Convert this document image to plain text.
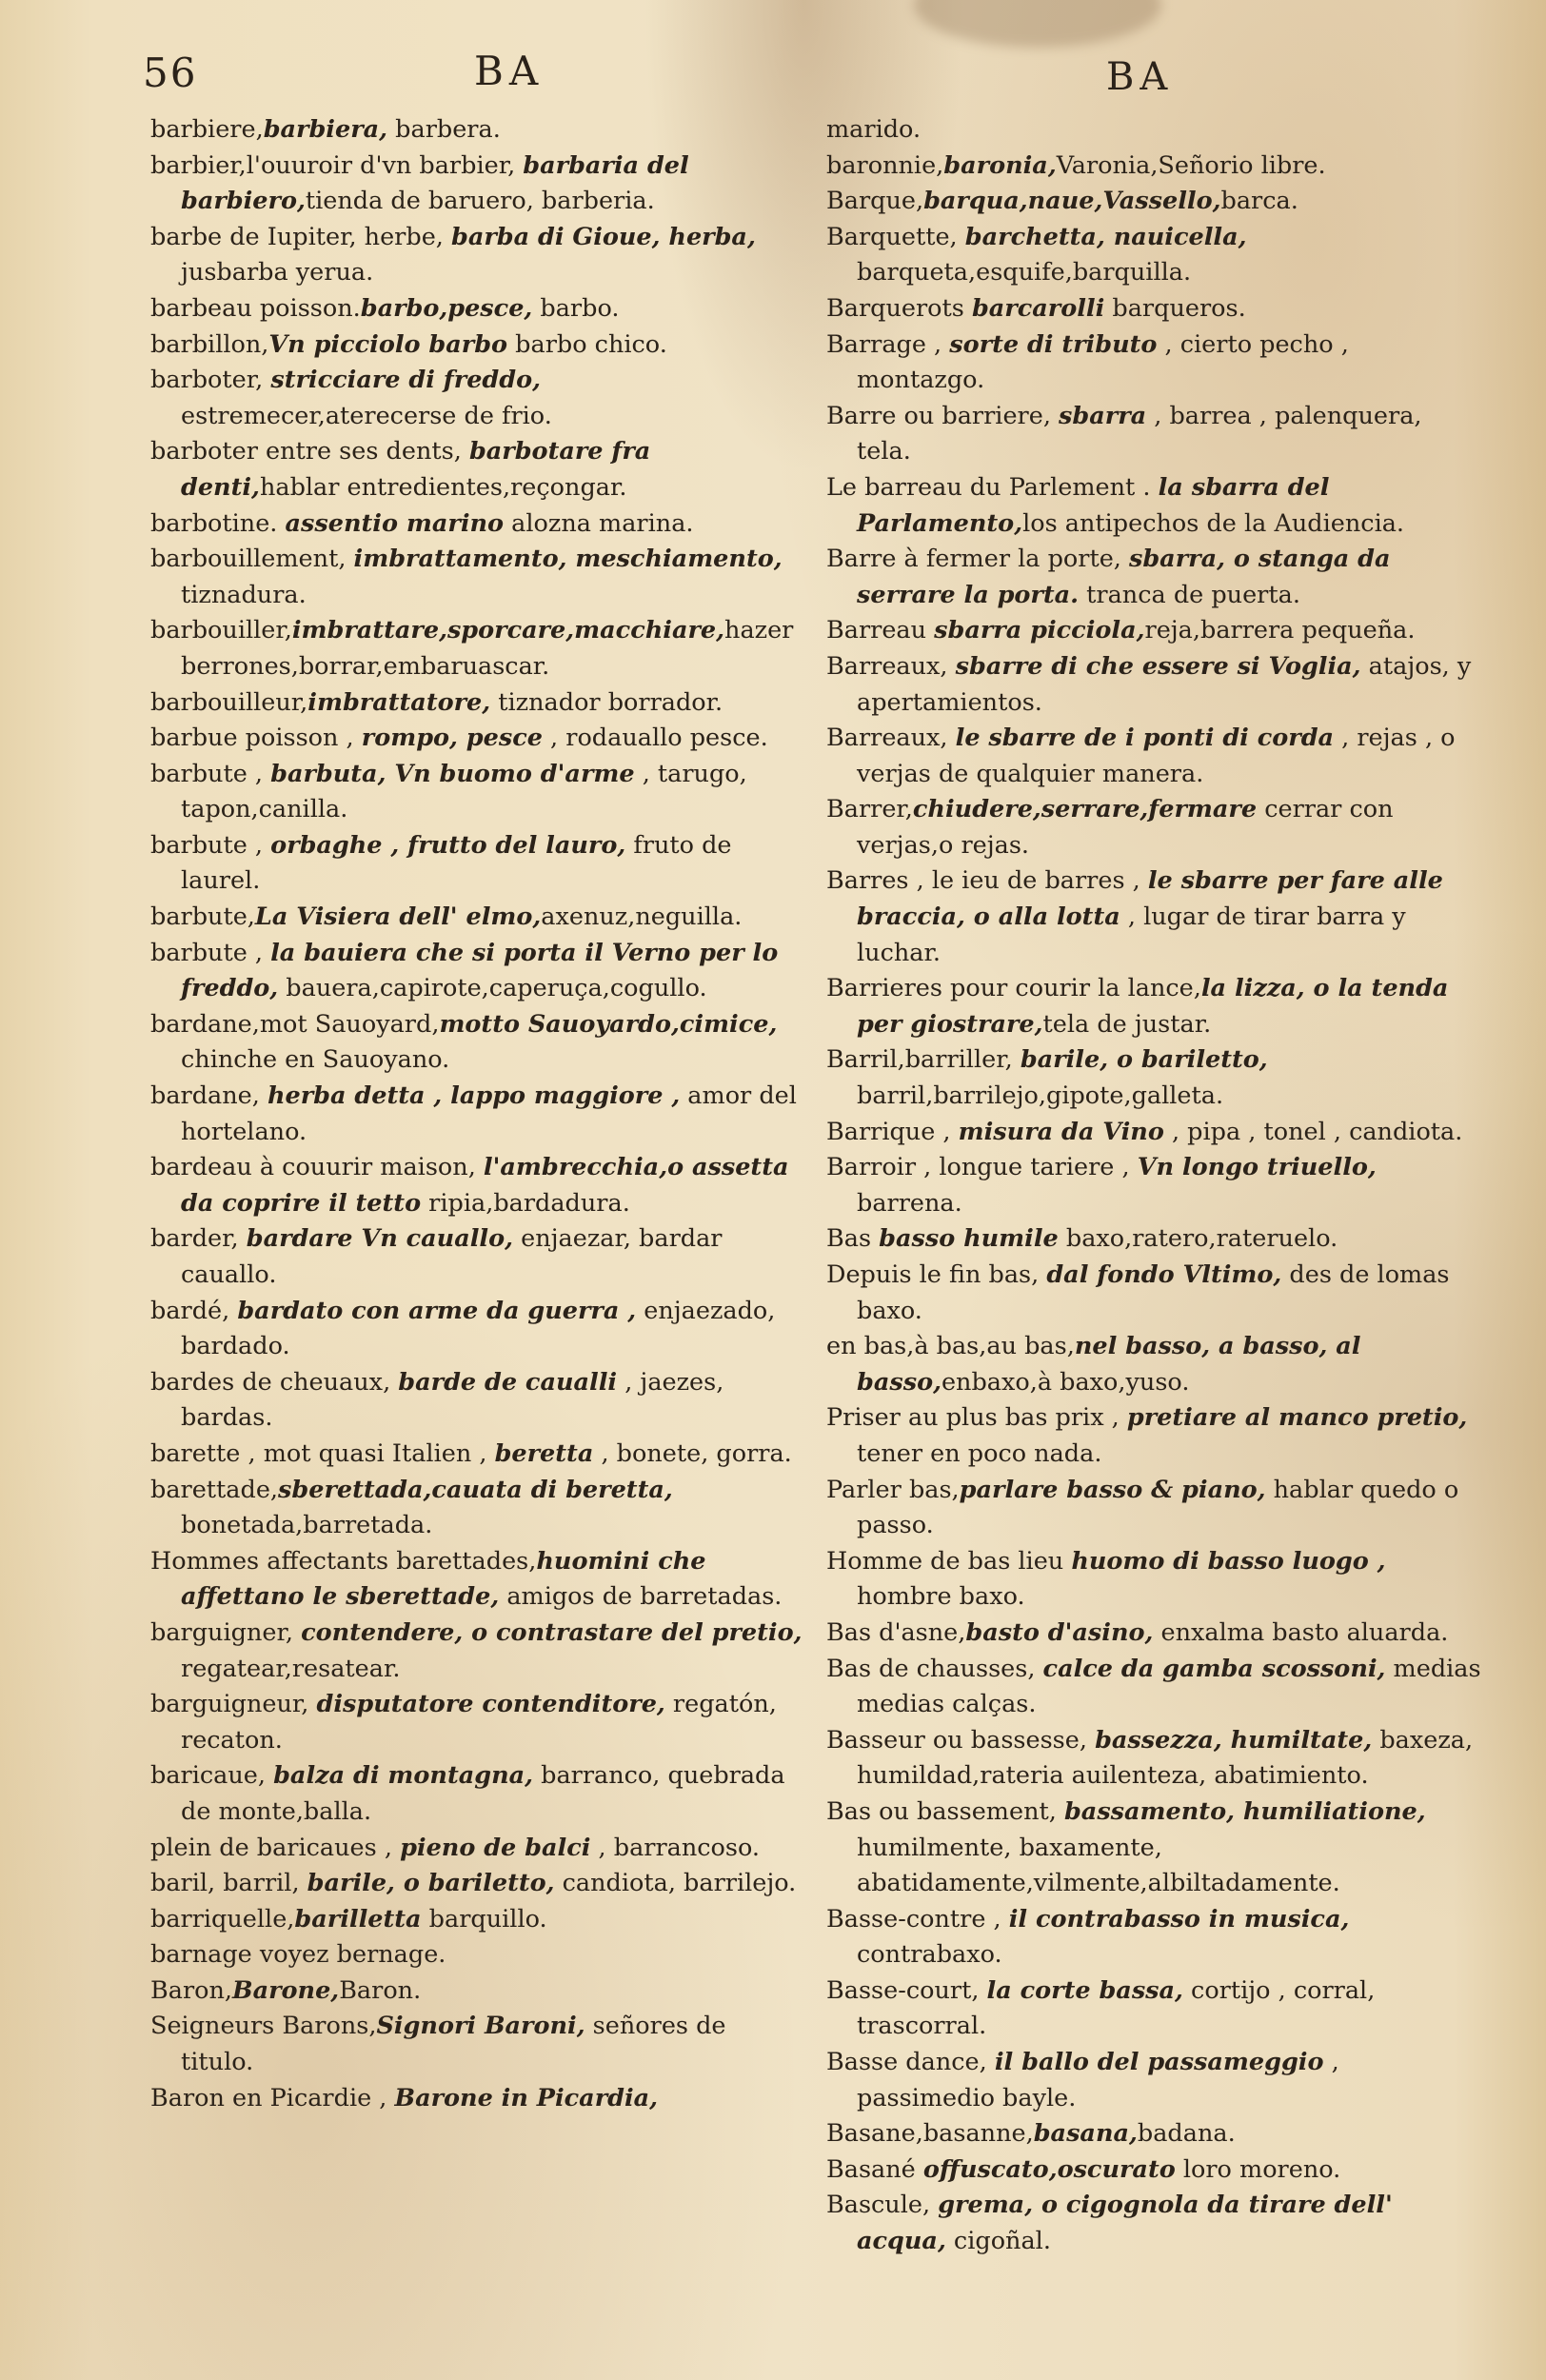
56	BA	BA
barbiere,barbiera, barbera.
barbier,l'ouuroir d'vn barbier, barbaria del barbiero,tienda de baruero, barberia.
barbe de Iupiter, herbe, barba di Gioue, herba, jusbarba yerua.
barbeau poisson.barbo,pesce, barbo.
barbillon,Vn picciolo barbo barbo chico.
barboter, stricciare di freddo, estremecer,aterecerse de frio.
barboter entre ses dents, barbotare fra denti,hablar entredientes,reçongar.
barbotine. assentio marino alozna marina.
barbouillement, imbrattamento, meschiamento, tiznadura.
barbouiller,imbrattare,sporcare,macchiare,hazer berrones,borrar,embaruascar.
barbouilleur,imbrattatore, tiznador borrador.
barbue poisson , rompo, pesce , rodauallo pesce.
barbute , barbuta, Vn buomo d'arme , tarugo, tapon,canilla.
barbute , orbaghe , frutto del lauro, fruto de laurel.
barbute,La Visiera dell' elmo,axenuz,neguilla.
barbute , la bauiera che si porta il Verno per lo freddo, bauera,capirote,caperuça,cogullo.
bardane,mot Sauoyard,motto Sauoyardo,cimice, chinche en Sauoyano.
bardane, herba detta , lappo maggiore , amor del hortelano.
bardeau à couurir maison, l'ambrecchia,o assetta da coprire il tetto ripia,bardadura.
barder, bardare Vn cauallo, enjaezar, bardar cauallo.
bardé, bardato con arme da guerra , enjaezado, bardado.
bardes de cheuaux, barde de caualli , jaezes, bardas.
barette , mot quasi Italien , beretta , bonete, gorra.
barettade,sberettada,cauata di beretta, bonetada,barretada.
Hommes affectants barettades,huomini che affettano le sberettade, amigos de barretadas.
barguigner, contendere, o contrastare del pretio, regatear,resatear.
barguigneur, disputatore contenditore, regatón, recaton.
baricaue, balza di montagna, barranco, quebrada de monte,balla.
plein de baricaues , pieno de balci , barrancoso.
baril, barril, barile, o bariletto, candiota, barrilejo.
barriquelle,barilletta barquillo.
barnage voyez bernage.
Baron,Barone,Baron.
Seigneurs Barons,Signori Baroni, señores de titulo.
Baron en Picardie , Barone in Picardia,
marido.
baronnie,baronia,Varonia,Señorio libre.
Barque,barqua,naue,Vassello,barca.
Barquette, barchetta, nauicella, barqueta,esquife,barquilla.
Barquerots barcarolli barqueros.
Barrage , sorte di tributo , cierto pecho , montazgo.
Barre ou barriere, sbarra , barrea , palenquera, tela.
Le barreau du Parlement . la sbarra del Parlamento,los antipechos de la Audiencia.
Barre à fermer la porte, sbarra, o stanga da serrare la porta. tranca de puerta.
Barreau sbarra picciola,reja,barrera pequeña.
Barreaux, sbarre di che essere si Voglia, atajos, y apertamientos.
Barreaux, le sbarre de i ponti di corda , rejas , o verjas de qualquier manera.
Barrer,chiudere,serrare,fermare cerrar con verjas,o rejas.
Barres , le ieu de barres , le sbarre per fare alle braccia, o alla lotta , lugar de tirar barra y luchar.
Barrieres pour courir la lance,la lizza, o la tenda per giostrare,tela de justar.
Barril,barriller, barile, o bariletto, barril,barrilejo,gipote,galleta.
Barrique , misura da Vino , pipa , tonel , candiota.
Barroir , longue tariere , Vn longo triuello, barrena.
Bas basso humile baxo,ratero,rateruelo.
Depuis le fin bas, dal fondo Vltimo, des de lomas baxo.
en bas,à bas,au bas,nel basso, a basso, al basso,enbaxo,à baxo,yuso.
Priser au plus bas prix , pretiare al manco pretio, tener en poco nada.
Parler bas,parlare basso & piano, hablar quedo o passo.
Homme de bas lieu huomo di basso luogo , hombre baxo.
Bas d'asne,basto d'asino, enxalma basto aluarda.
Bas de chausses, calce da gamba scossoni, medias medias calças.
Basseur ou bassesse, bassezza, humiltate, baxeza, humildad,rateria auilenteza, abatimiento.
Bas ou bassement, bassamento, humiliatione, humilmente, baxamente, abatidamente,vilmente,albiltadamente.
Basse-contre , il contrabasso in musica, contrabaxo.
Basse-court, la corte bassa, cortijo , corral, trascorral.
Basse dance, il ballo del passameggio , passimedio bayle.
Basane,basanne,basana,badana.
Basané offuscato,oscurato loro moreno.
Bascule, grema, o cigognola da tirare dell' acqua, cigoñal.
